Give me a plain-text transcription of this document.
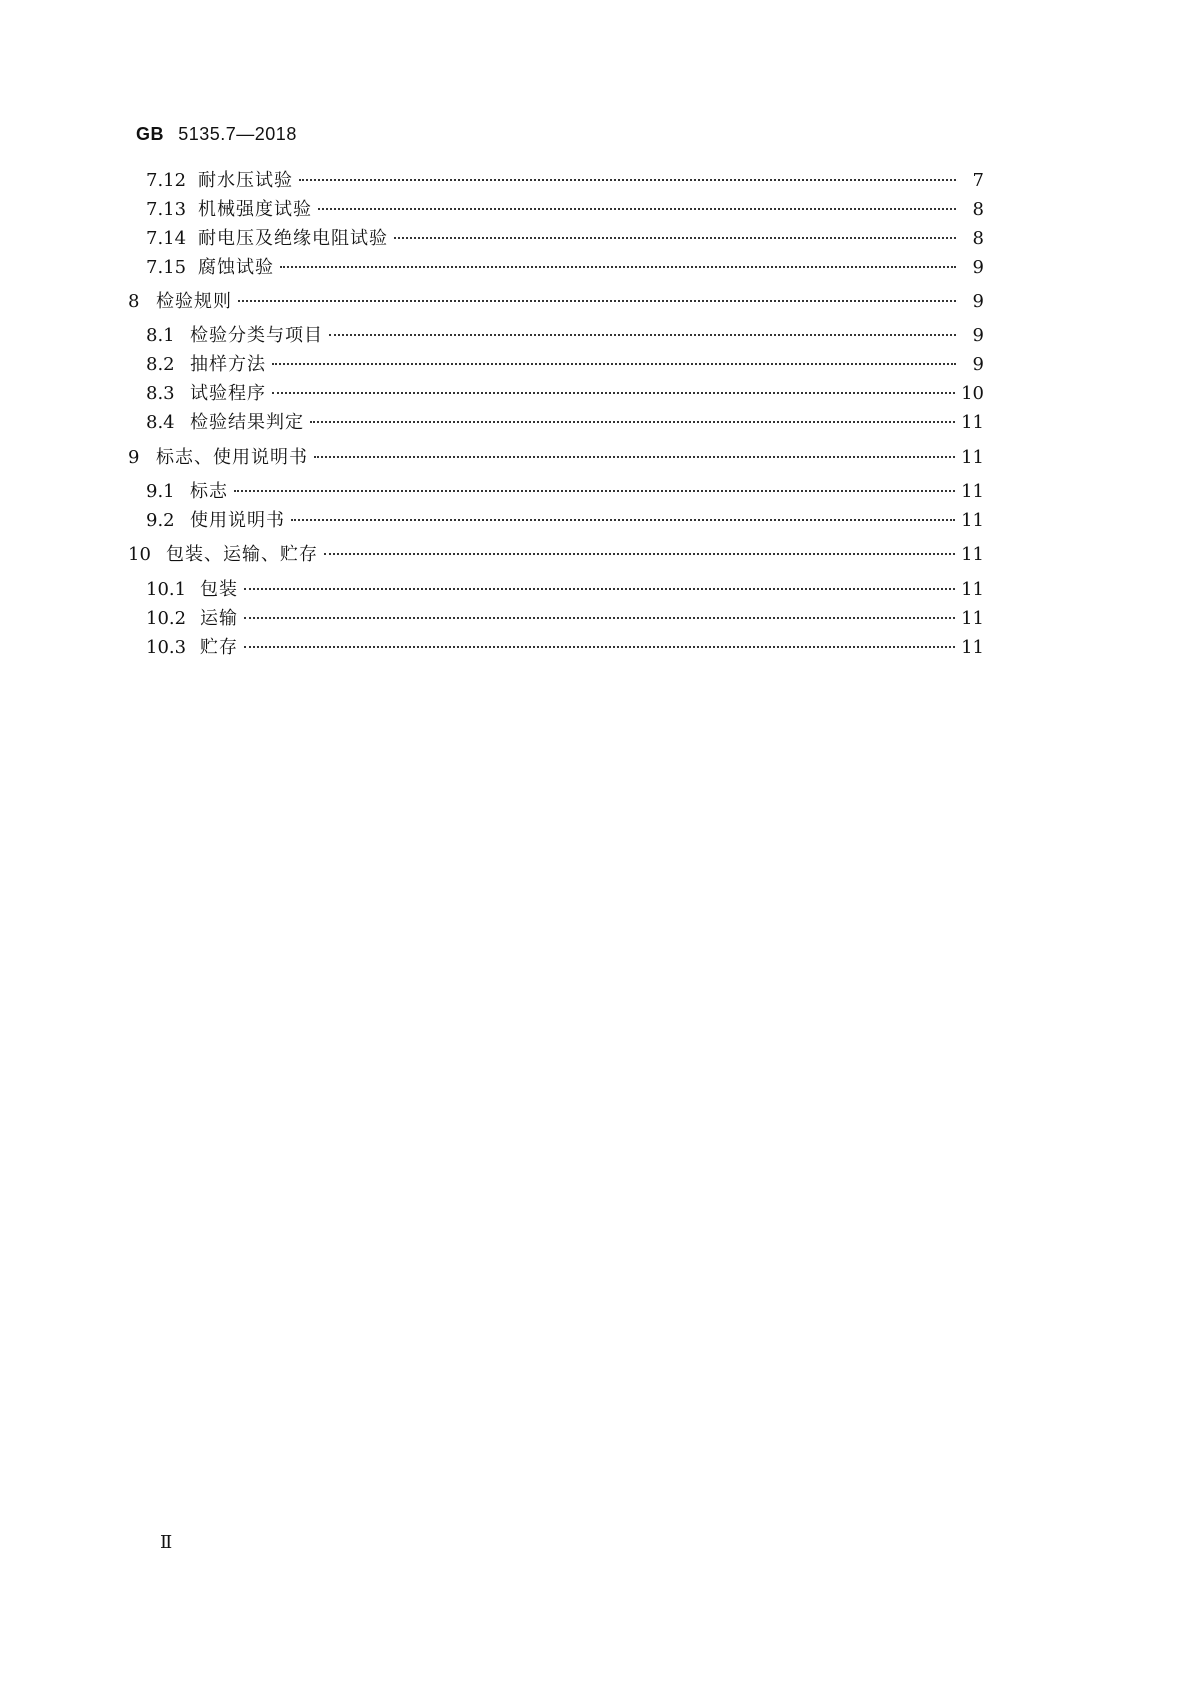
GB 5135.7—2018
7.12 耐水压试验	7
7.13 机械强度试验	8
7.14 耐电压及绝缘电阻试验	8
7.15 腐蚀试验	9
8 检验规则	9
8.1 检验分类与项目	9
8.2 抽样方法	9
8.3 试验程序	10
8.4 检验结果判定	11
9 标志、使用说明书	11
9.1 标志	11
9.2 使用说明书	11
10 包装、运输、贮存	11
10.1 包装	11
10.2 运输	11
10.3 贮存	11
Ⅱ
